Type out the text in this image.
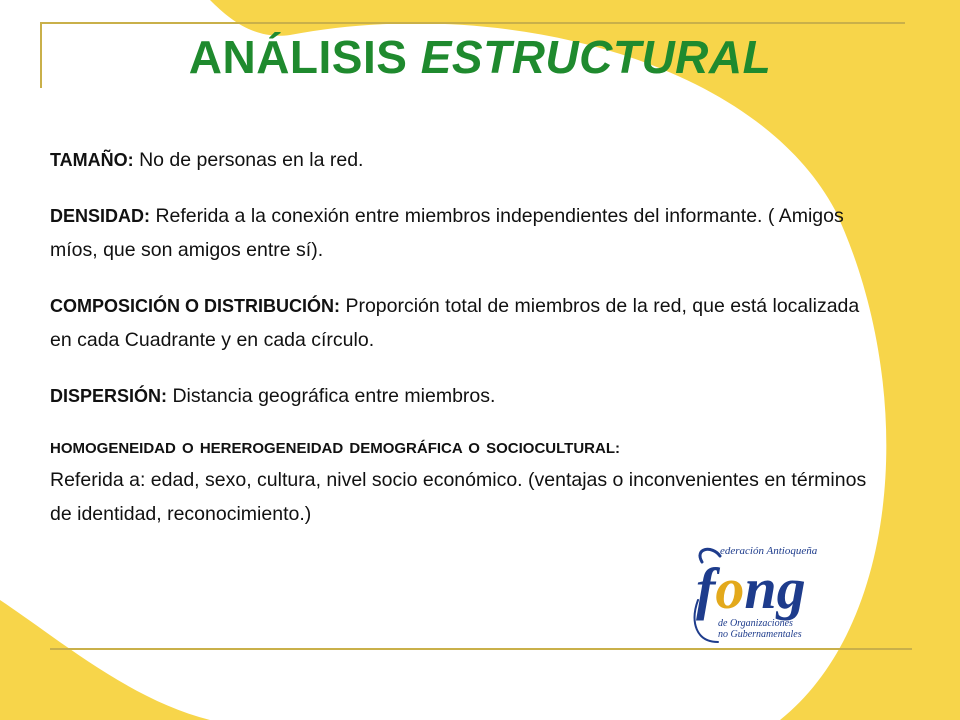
ANÁLISIS ESTRUCTURAL

TAMAÑO: No de personas en la red.

DENSIDAD: Referida a la conexión entre miembros independientes del informante. ( Amigos míos, que son amigos entre sí).

COMPOSICIÓN O DISTRIBUCIÓN: Proporción total de miembros de la red, que está localizada en cada Cuadrante y en cada círculo.

DISPERSIÓN: Distancia geográfica entre miembros.

HOMOGENEIDAD O HEREROGENEIDAD DEMOGRÁFICA O SOCIOCULTURAL:
Referida a: edad, sexo, cultura, nivel socio económico. (ventajas o inconvenientes en términos de identidad, reconocimiento.)

ederación Antioqueña
fong
de Organizaciones
no Gubernamentales
